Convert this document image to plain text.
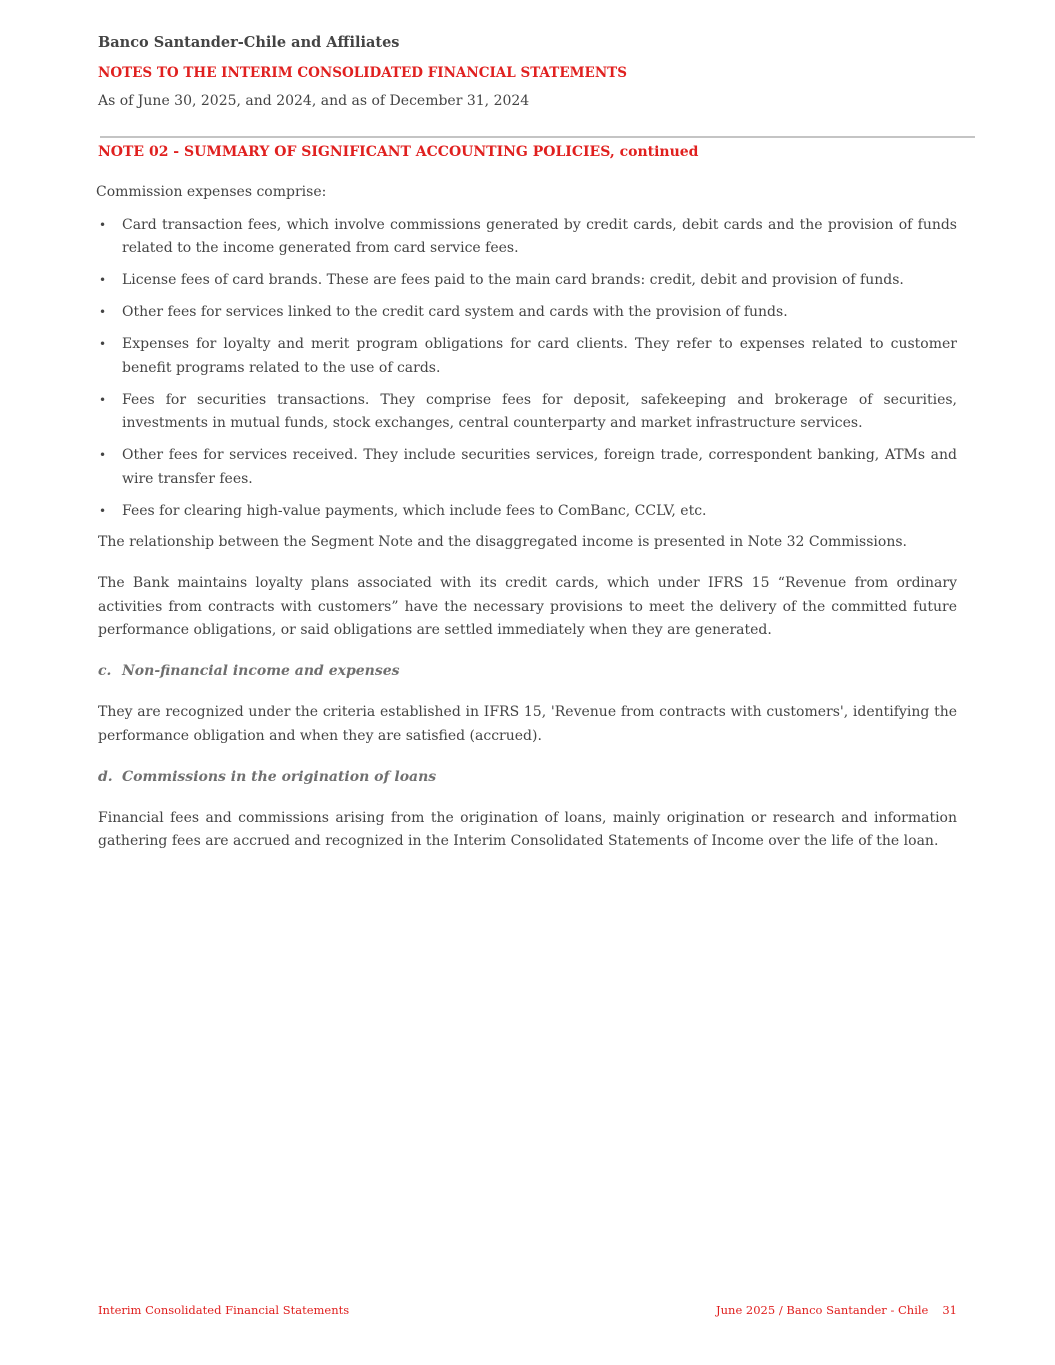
Banco Santander-Chile and Affiliates
NOTES TO THE INTERIM CONSOLIDATED FINANCIAL STATEMENTS
As of June 30, 2025, and 2024, and as of December 31, 2024
NOTE 02 - SUMMARY OF SIGNIFICANT ACCOUNTING POLICIES, continued

Commission expenses comprise:

• Card transaction fees, which involve commissions generated by credit cards, debit cards and the provision of funds related to the income generated from card service fees.
• License fees of card brands. These are fees paid to the main card brands: credit, debit and provision of funds.
• Other fees for services linked to the credit card system and cards with the provision of funds.
• Expenses for loyalty and merit program obligations for card clients. They refer to expenses related to customer benefit programs related to the use of cards.
• Fees for securities transactions. They comprise fees for deposit, safekeeping and brokerage of securities, investments in mutual funds, stock exchanges, central counterparty and market infrastructure services.
• Other fees for services received. They include securities services, foreign trade, correspondent banking, ATMs and wire transfer fees.
• Fees for clearing high-value payments, which include fees to ComBanc, CCLV, etc.

The relationship between the Segment Note and the disaggregated income is presented in Note 32 Commissions.

The Bank maintains loyalty plans associated with its credit cards, which under IFRS 15 “Revenue from ordinary activities from contracts with customers” have the necessary provisions to meet the delivery of the committed future performance obligations, or said obligations are settled immediately when they are generated.

c. Non-financial income and expenses

They are recognized under the criteria established in IFRS 15, 'Revenue from contracts with customers', identifying the performance obligation and when they are satisfied (accrued).

d. Commissions in the origination of loans

Financial fees and commissions arising from the origination of loans, mainly origination or research and information gathering fees are accrued and recognized in the Interim Consolidated Statements of Income over the life of the loan.

Interim Consolidated Financial Statements	June 2025 / Banco Santander - Chile 31
